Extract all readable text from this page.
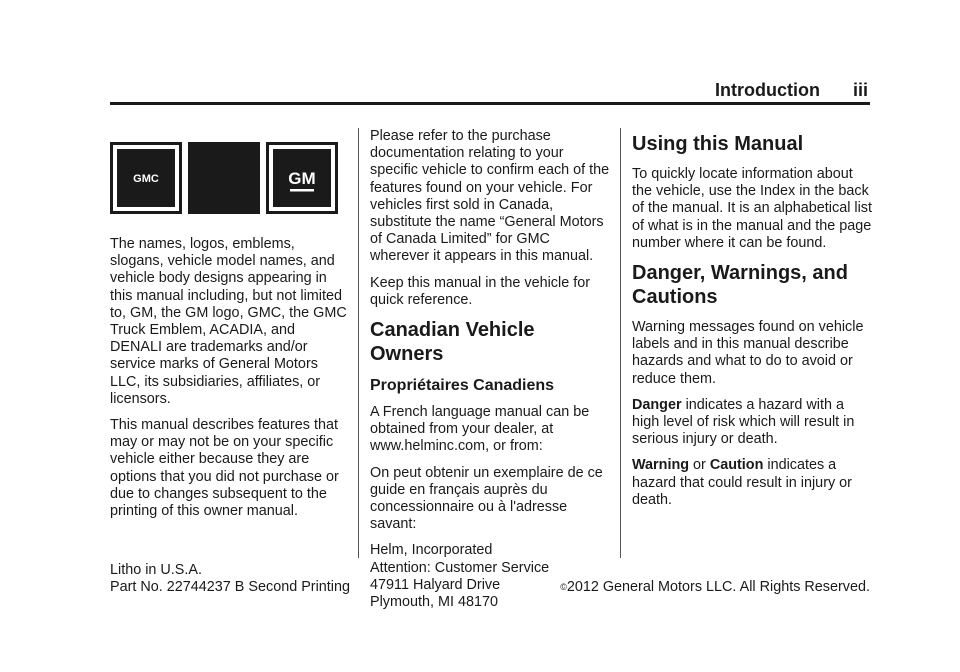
Introduction iii
GMC	GM

The names, logos, emblems, slogans, vehicle model names, and vehicle body designs appearing in this manual including, but not limited to, GM, the GM logo, GMC, the GMC Truck Emblem, ACADIA, and DENALI are trademarks and/or service marks of General Motors LLC, its subsidiaries, affiliates, or licensors.

This manual describes features that may or may not be on your specific vehicle either because they are options that you did not purchase or due to changes subsequent to the printing of this owner manual.

Please refer to the purchase documentation relating to your specific vehicle to confirm each of the features found on your vehicle. For vehicles first sold in Canada, substitute the name “General Motors of Canada Limited” for GMC wherever it appears in this manual.

Keep this manual in the vehicle for quick reference.

Canadian Vehicle Owners
Propriétaires Canadiens

A French language manual can be obtained from your dealer, at www.helminc.com, or from:

On peut obtenir un exemplaire de ce guide en français auprès du concessionnaire ou à l'adresse savant:

Helm, Incorporated
Attention: Customer Service
47911 Halyard Drive
Plymouth, MI 48170
Using this Manual

To quickly locate information about the vehicle, use the Index in the back of the manual. It is an alphabetical list of what is in the manual and the page number where it can be found.

Danger, Warnings, and Cautions

Warning messages found on vehicle labels and in this manual describe hazards and what to do to avoid or reduce them.

Danger indicates a hazard with a high level of risk which will result in serious injury or death.

Warning or Caution indicates a hazard that could result in injury or death.

Litho in U.S.A.
Part No. 22744237 B Second Printing	©2012 General Motors LLC. All Rights Reserved.
